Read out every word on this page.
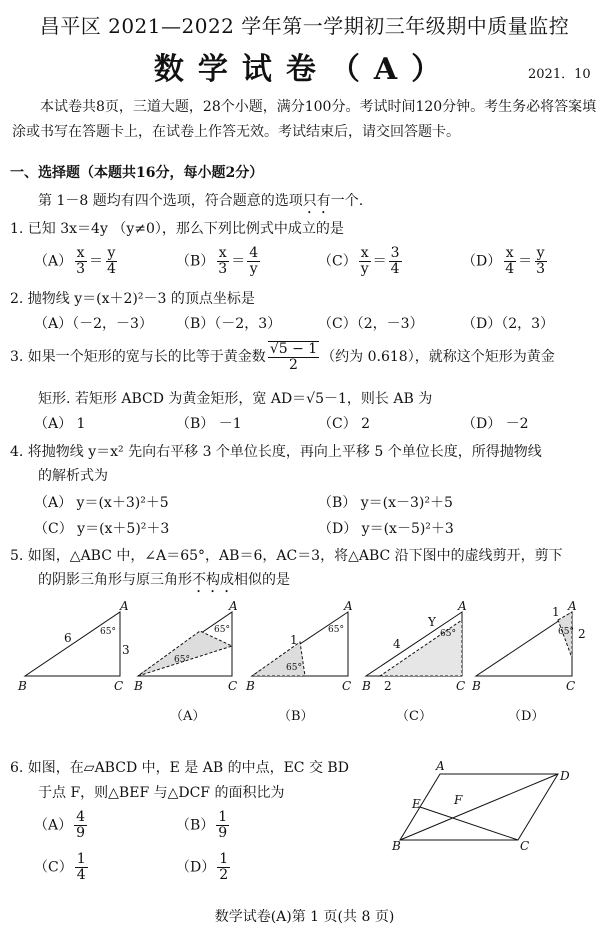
昌平区 2021—2022 学年第一学期初三年级期中质量监控
数学试卷（A）	2021．10
本试卷共8页，三道大题，28个小题，满分100分。考试时间120分钟。考生务必将答案填涂或书写在答题卡上，在试卷上作答无效。考试结束后，请交回答题卡。
一、选择题（本题共16分，每小题2分）
第 1－8 题均有四个选项，符合题意的选项只有一个.
1. 已知 3x＝4y （y≠0），那么下列比例式中成立的是
$(A) \frac{x}{3} = \frac{y}{4}$	$(B) \frac{x}{3} = \frac{4}{y}$	$(C) \frac{x}{y} = \frac{3}{4}$	$(D) \frac{x}{4} = \frac{y}{3}$
2. 抛物线 y＝(x＋2)²－3 的顶点坐标是
（A）（－2，－3） （B）（－2，3）	（C）（2，－3）	（D）（2，3）
3. 如果一个矩形的宽与长的比等于黄金数 $\frac{√5 - 1}{2}$ （约为 0.618），就称这个矩形为黄金
矩形. 若矩形 ABCD 为黄金矩形，宽 AD＝√5－1，则长 AB 为
（A） 1	（B） －1	（C） 2	（D） －2
4. 将抛物线 y＝x² 先向右平移 3 个单位长度，再向上平移 5 个单位长度，所得抛物线
的解析式为
（A） y＝(x＋3)²＋5	（B） y＝(x－3)²＋5
（C） y＝(x＋5)²＋3	（D） y＝(x－5)²＋3
5. 如图，△ABC 中，∠A＝65°，AB＝6，AC＝3，将△ABC 沿下图中的虚线剪开，剪下
的阴影三角形与原三角形不构成相似的是
A
B	C
6
3
65°
A
B	C
65°
65°
A
B	C
65°
65°
1
A
B	C
65°
4
2
Y
A
B	C
65°
1
2
（A）	（B）	（C）	（D）
6. 如图，在▱ABCD 中，E 是 AB 的中点，EC 交 BD
于点 F，则△BEF 与△DCF 的面积比为
$(A) \frac{4}{9}$	$(B) \frac{1}{9}$
$(C) \frac{1}{4}$	$(D) \frac{1}{2}$
A
D
B	C
E	F
数学试卷(A)第 1 页(共 8 页)
